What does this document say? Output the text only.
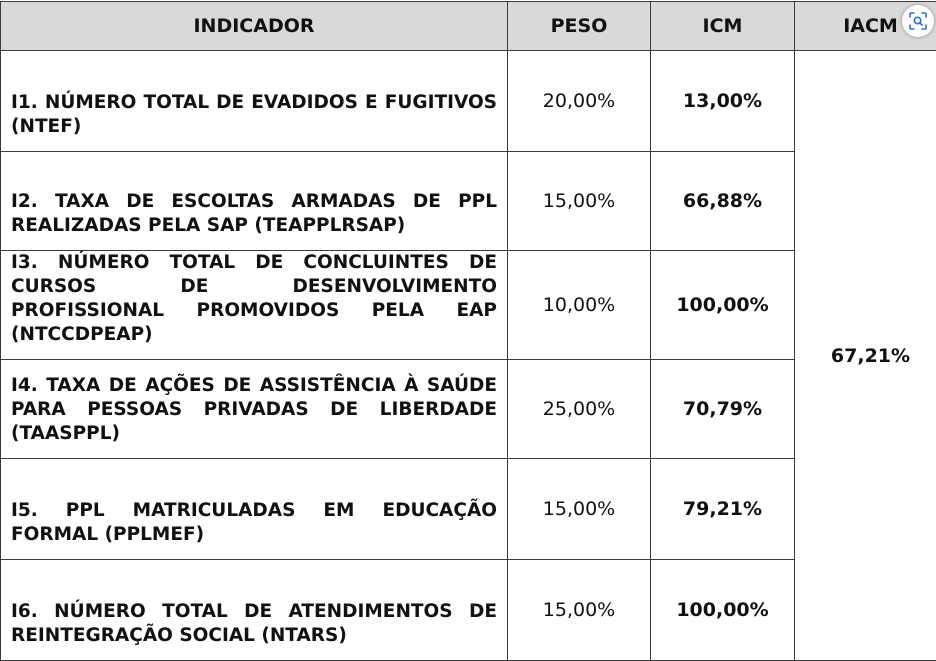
INDICADOR	PESO	ICM	IACM

I1. NÚMERO TOTAL DE EVADIDOS E FUGITIVOS (NTEF)	20,00%	13,00%	67,21%

I2. TAXA DE ESCOLTAS ARMADAS DE PPL REALIZADAS PELA SAP (TEAPPLRSAP)	15,00%	66,88%	

I3. NÚMERO TOTAL DE CONCLUINTES DE CURSOS DE DESENVOLVIMENTO PROFISSIONAL PROMOVIDOS PELA EAP (NTCCDPEAP)	10,00%	100,00%	

I4. TAXA DE AÇÕES DE ASSISTÊNCIA À SAÚDE PARA PESSOAS PRIVADAS DE LIBERDADE (TAASPPL)	25,00%	70,79%	

I5. PPL MATRICULADAS EM EDUCAÇÃO FORMAL (PPLMEF)	15,00%	79,21%	

I6. NÚMERO TOTAL DE ATENDIMENTOS DE REINTEGRAÇÃO SOCIAL (NTARS)	15,00%	100,00%	
